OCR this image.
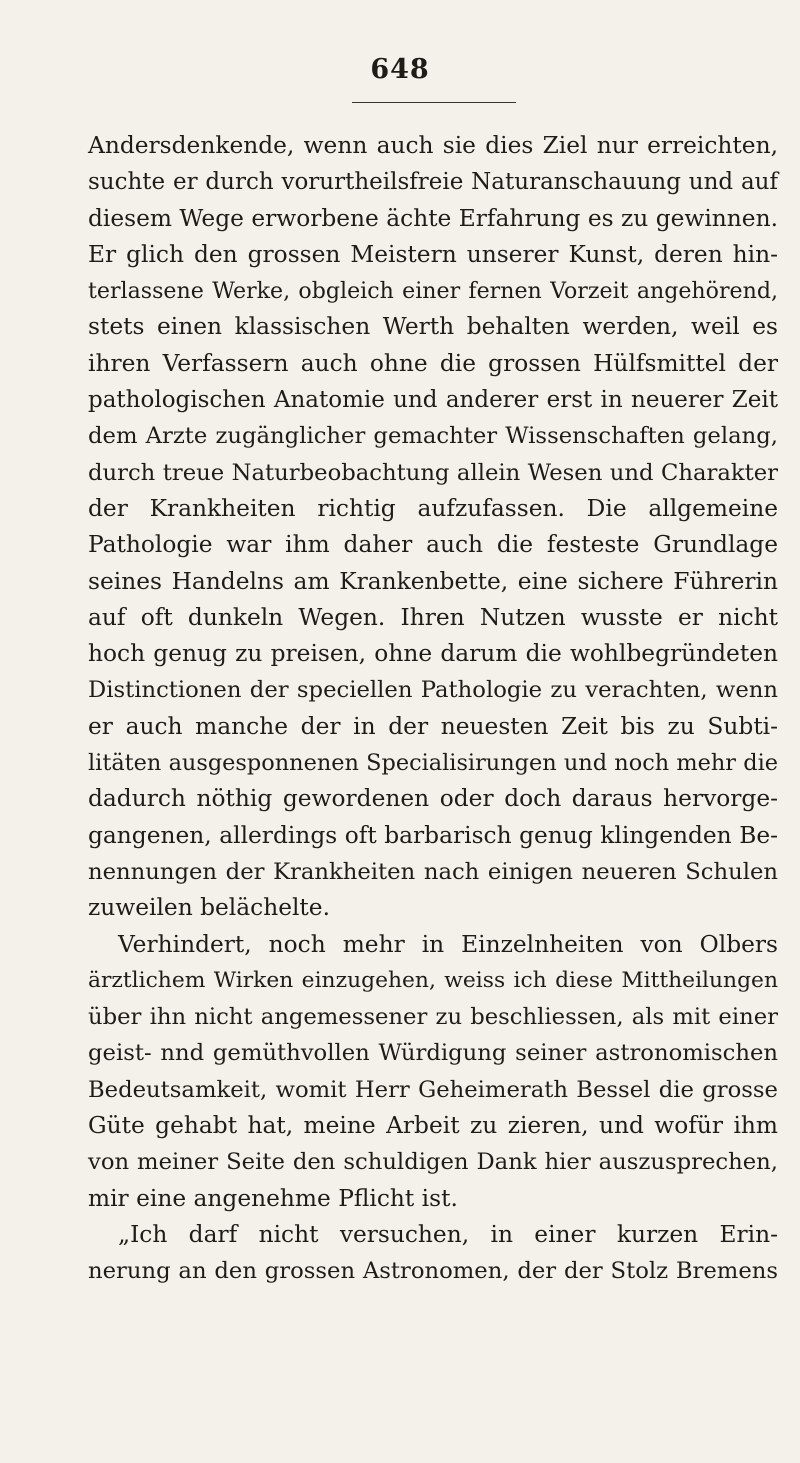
648
Andersdenkende, wenn auch sie dies Ziel nur erreichten,
suchte er durch vorurtheilsfreie Naturanschauung und auf
diesem Wege erworbene ächte Erfahrung es zu gewinnen.
Er glich den grossen Meistern unserer Kunst, deren hin-
terlassene Werke, obgleich einer fernen Vorzeit angehörend,
stets einen klassischen Werth behalten werden, weil es
ihren Verfassern auch ohne die grossen Hülfsmittel der
pathologischen Anatomie und anderer erst in neuerer Zeit
dem Arzte zugänglicher gemachter Wissenschaften gelang,
durch treue Naturbeobachtung allein Wesen und Charakter
der Krankheiten richtig aufzufassen. Die allgemeine
Pathologie war ihm daher auch die festeste Grundlage
seines Handelns am Krankenbette, eine sichere Führerin
auf oft dunkeln Wegen. Ihren Nutzen wusste er nicht
hoch genug zu preisen, ohne darum die wohlbegründeten
Distinctionen der speciellen Pathologie zu verachten, wenn
er auch manche der in der neuesten Zeit bis zu Subti-
litäten ausgesponnenen Specialisirungen und noch mehr die
dadurch nöthig gewordenen oder doch daraus hervorge-
gangenen, allerdings oft barbarisch genug klingenden Be-
nennungen der Krankheiten nach einigen neueren Schulen
zuweilen belächelte.
Verhindert, noch mehr in Einzelnheiten von Olbers
ärztlichem Wirken einzugehen, weiss ich diese Mittheilungen
über ihn nicht angemessener zu beschliessen, als mit einer
geist- nnd gemüthvollen Würdigung seiner astronomischen
Bedeutsamkeit, womit Herr Geheimerath Bessel die grosse
Güte gehabt hat, meine Arbeit zu zieren, und wofür ihm
von meiner Seite den schuldigen Dank hier auszusprechen,
mir eine angenehme Pflicht ist.
„Ich darf nicht versuchen, in einer kurzen Erin-
nerung an den grossen Astronomen, der der Stolz Bremens
